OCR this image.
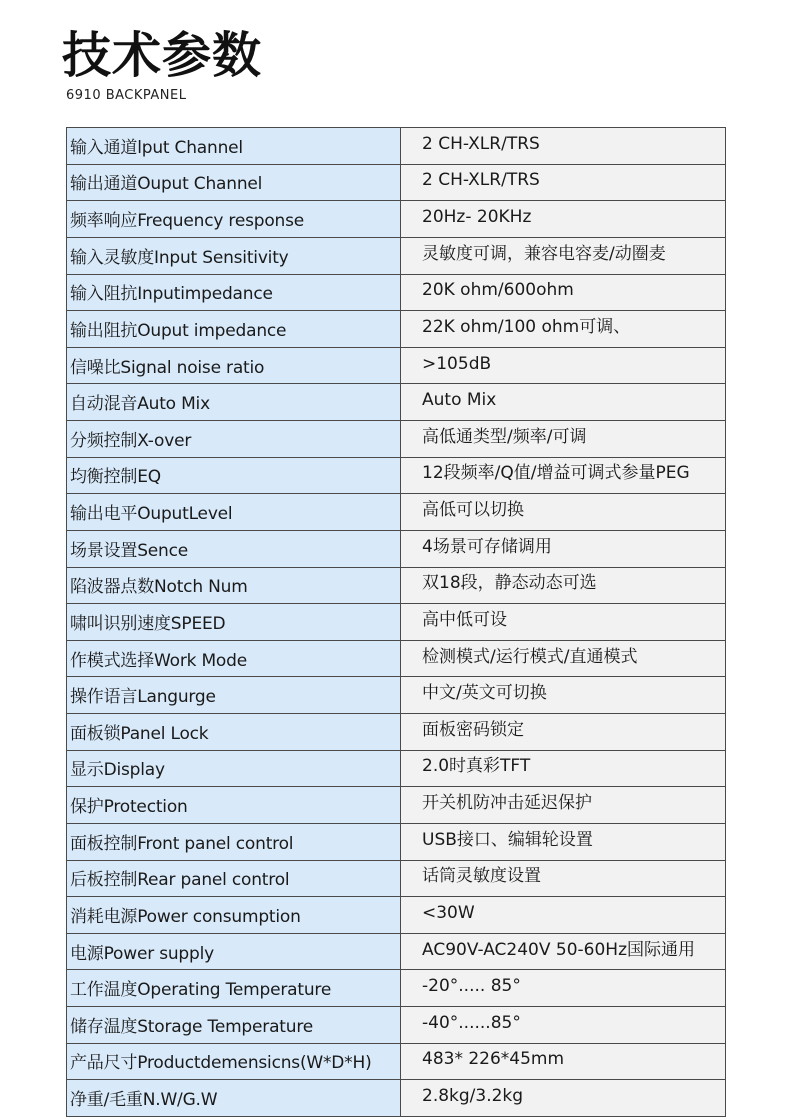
技术参数
6910 BACKPANEL
输入通道lput Channel	2 CH-XLR/TRS
输出通道Ouput Channel	2 CH-XLR/TRS
频率响应Frequency response	20Hz- 20KHz
输入灵敏度Input Sensitivity	灵敏度可调，兼容电容麦/动圈麦
输入阻抗Inputimpedance	20K ohm/600ohm
输出阻抗Ouput impedance	22K ohm/100 ohm可调、
信噪比Signal noise ratio	>105dB
自动混音Auto Mix	Auto Mix
分频控制X-over	高低通类型/频率/可调
均衡控制EQ	12段频率/Q值/增益可调式参量PEG
输出电平OuputLevel	高低可以切换
场景设置Sence	4场景可存储调用
陷波器点数Notch Num	双18段，静态动态可选
啸叫识别速度SPEED	高中低可设
作模式选择Work Mode	检测模式/运行模式/直通模式
操作语言Langurge	中文/英文可切换
面板锁Panel Lock	面板密码锁定
显示Display	2.0时真彩TFT
保护Protection	开关机防冲击延迟保护
面板控制Front panel control	USB接口、编辑轮设置
后板控制Rear panel control	话筒灵敏度设置
消耗电源Power consumption	<30W
电源Power supply	AC90V-AC240V 50-60Hz国际通用
工作温度Operating Temperature	-20°..... 85°
储存温度Storage Temperature	-40°......85°
产品尺寸Productdemensicns(W*D*H)	483* 226*45mm
净重/毛重N.W/G.W	2.8kg/3.2kg
